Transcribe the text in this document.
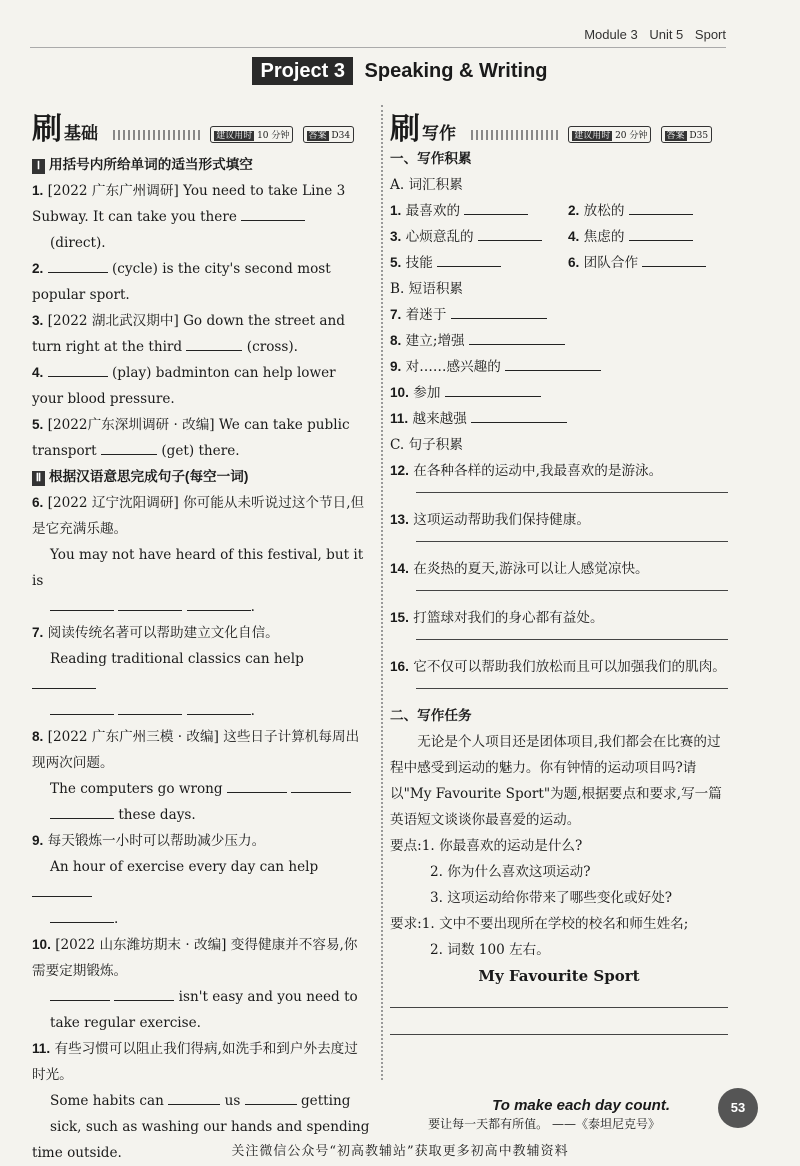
Module 3 Unit 5 Sport
Project 3 Speaking & Writing
刷基础	建议用时 10 分钟 答案 D34

Ⅰ 用括号内所给单词的适当形式填空

1. [2022 广东广州调研] You need to take Line 3 Subway. It can take you there
(direct).

2.	(cycle) is the city's second most popular sport.

3. [2022 湖北武汉期中] Go down the street and turn right at the third	(cross).

4.	(play) badminton can help lower your blood pressure.

5. [2022广东深圳调研 · 改编] We can take public transport	(get) there.

Ⅱ 根据汉语意思完成句子(每空一词)

6. [2022 辽宁沈阳调研] 你可能从未听说过这个节日,但是它充满乐趣。
You may not have heard of this festival, but it is
.

7. 阅读传统名著可以帮助建立文化自信。
Reading traditional classics can help
.

8. [2022 广东广州三模 · 改编] 这些日子计算机每周出现两次问题。
The computers go wrong
these days.

9. 每天锻炼一小时可以帮助减少压力。
An hour of exercise every day can help
.

10. [2022 山东潍坊期末 · 改编] 变得健康并不容易,你需要定期锻炼。
isn't easy and you need to
take regular exercise.

11. 有些习惯可以阻止我们得病,如洗手和到户外去度过时光。
Some habits can	us	getting
sick, such as washing our hands and spending time outside.

刷写作	建议用时 20 分钟 答案 D35

一、写作积累

A. 词汇积累

1. 最喜欢的	2. 放松的
3. 心烦意乱的	4. 焦虑的
5. 技能	6. 团队合作

B. 短语积累

7. 着迷于

8. 建立;增强

9. 对……感兴趣的

10. 参加

11. 越来越强

C. 句子积累

12. 在各种各样的运动中,我最喜欢的是游泳。
13. 这项运动帮助我们保持健康。
14. 在炎热的夏天,游泳可以让人感觉凉快。
15. 打篮球对我们的身心都有益处。
16. 它不仅可以帮助我们放松而且可以加强我们的肌肉。

二、写作任务

无论是个人项目还是团体项目,我们都会在比赛的过程中感受到运动的魅力。你有钟情的运动项目吗?请以"My Favourite Sport"为题,根据要点和要求,写一篇英语短文谈谈你最喜爱的运动。

要点:1. 你最喜欢的运动是什么?

2. 你为什么喜欢这项运动?

3. 这项运动给你带来了哪些变化或好处?

要求:1. 文中不要出现所在学校的校名和师生姓名;

2. 词数 100 左右。

My Favourite Sport

To make each day count.
要让每一天都有所值。 ——《泰坦尼克号》
53
关注微信公众号“初高教辅站”获取更多初高中教辅资料
